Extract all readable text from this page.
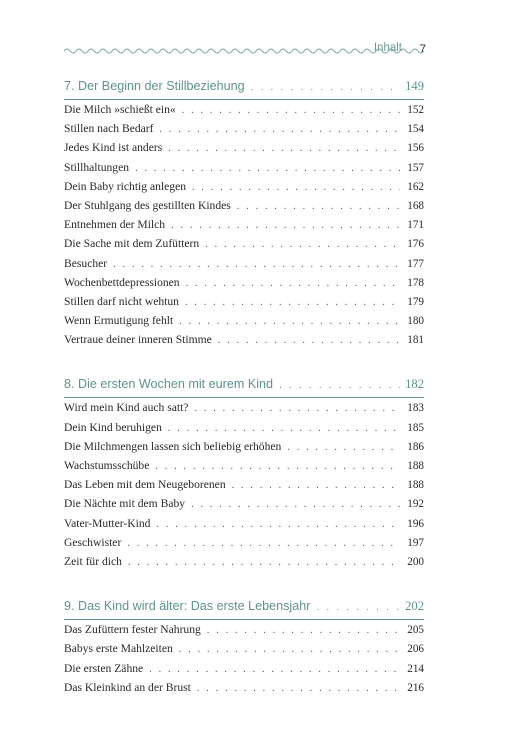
Inhalt 7
7. Der Beginn der Stillbeziehung . . .	149
Die Milch »schießt ein« . . .	152
Stillen nach Bedarf . . .	154
Jedes Kind ist anders . . .	156
Stillhaltungen . . .	157
Dein Baby richtig anlegen . . .	162
Der Stuhlgang des gestillten Kindes . . .	168
Entnehmen der Milch . . .	171
Die Sache mit dem Zufüttern . . .	176
Besucher . . .	177
Wochenbettdepressionen . . .	178
Stillen darf nicht wehtun . . .	179
Wenn Ermutigung fehlt . . .	180
Vertraue deiner inneren Stimme . . .	181
8. Die ersten Wochen mit eurem Kind . . .	182
Wird mein Kind auch satt? . . .	183
Dein Kind beruhigen . . .	185
Die Milchmengen lassen sich beliebig erhöhen . . .	186
Wachstumsschübe . . .	188
Das Leben mit dem Neugeborenen . . .	188
Die Nächte mit dem Baby . . .	192
Vater-Mutter-Kind . . .	196
Geschwister . . .	197
Zeit für dich . . .	200
9. Das Kind wird älter: Das erste Lebensjahr . . .	202
Das Zufüttern fester Nahrung . . .	205
Babys erste Mahlzeiten . . .	206
Die ersten Zähne . . .	214
Das Kleinkind an der Brust . . .	216
